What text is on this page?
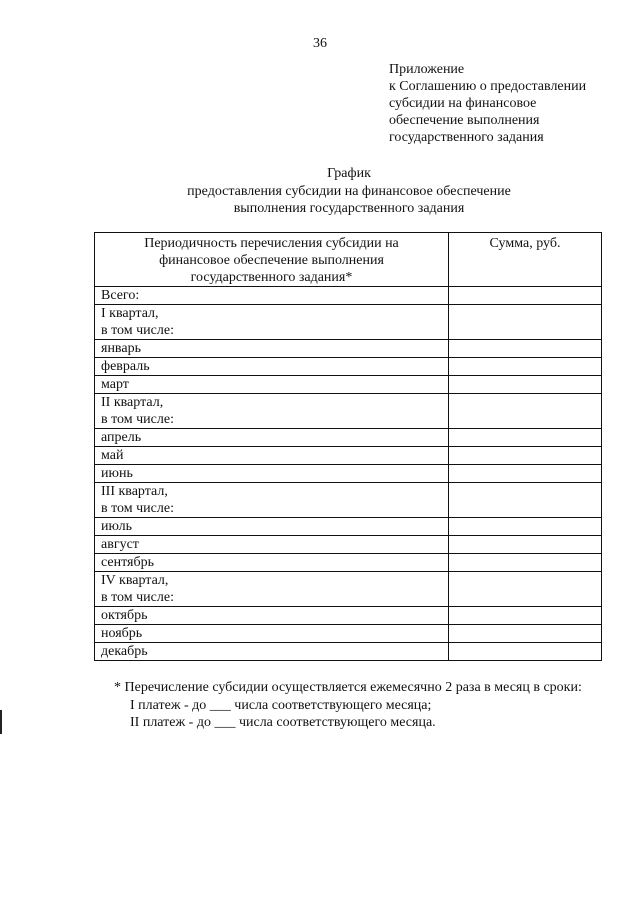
36
Приложение
к Соглашению о предоставлении
субсидии на финансовое
обеспечение выполнения
государственного задания
График
предоставления субсидии на финансовое обеспечение
выполнения государственного задания
Периодичность перечисления субсидии на
финансовое обеспечение выполнения
государственного задания*	Сумма, руб.

Всего:	

I квартал,
в том числе:	

январь	

февраль	

март	

II квартал,
в том числе:	

апрель	

май	

июнь	

III квартал,
в том числе:	

июль	

август	

сентябрь	

IV квартал,
в том числе:	

октябрь	

ноябрь	

декабрь	

* Перечисление субсидии осуществляется ежемесячно 2 раза в месяц в сроки:

I платеж - до ___ числа соответствующего месяца;

II платеж - до ___ числа соответствующего месяца.
